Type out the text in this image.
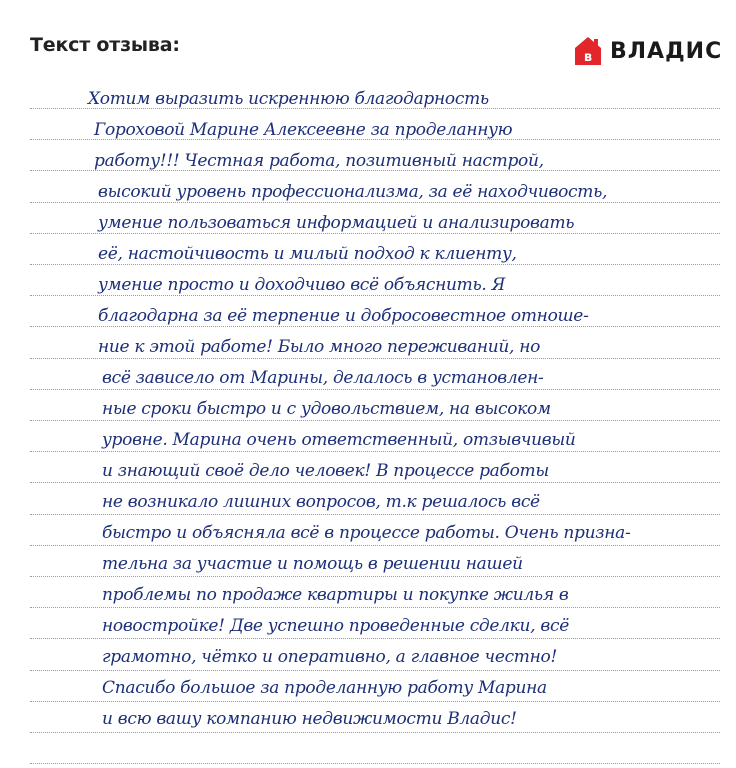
Текст отзыва:
в ВЛАДИС
Хотим выразить искреннюю благодарность
Гороховой Марине Алексеевне за проделанную
работу!!! Честная работа, позитивный настрой,
высокий уровень профессионализма, за её находчивость,
умение пользоваться информацией и анализировать
её, настойчивость и милый подход к клиенту,
умение просто и доходчиво всё объяснить. Я
благодарна за её терпение и добросовестное отноше-
ние к этой работе! Было много переживаний, но
всё зависело от Марины, делалось в установлен-
ные сроки быстро и с удовольствием, на высоком
уровне. Марина очень ответственный, отзывчивый
и знающий своё дело человек! В процессе работы
не возникало лишних вопросов, т.к решалось всё
быстро и объясняла всё в процессе работы. Очень призна-
тельна за участие и помощь в решении нашей
проблемы по продаже квартиры и покупке жилья в
новостройке! Две успешно проведенные сделки, всё
грамотно, чётко и оперативно, а главное честно!
Спасибо большое за проделанную работу Марина
и всю вашу компанию недвижимости Владис!
